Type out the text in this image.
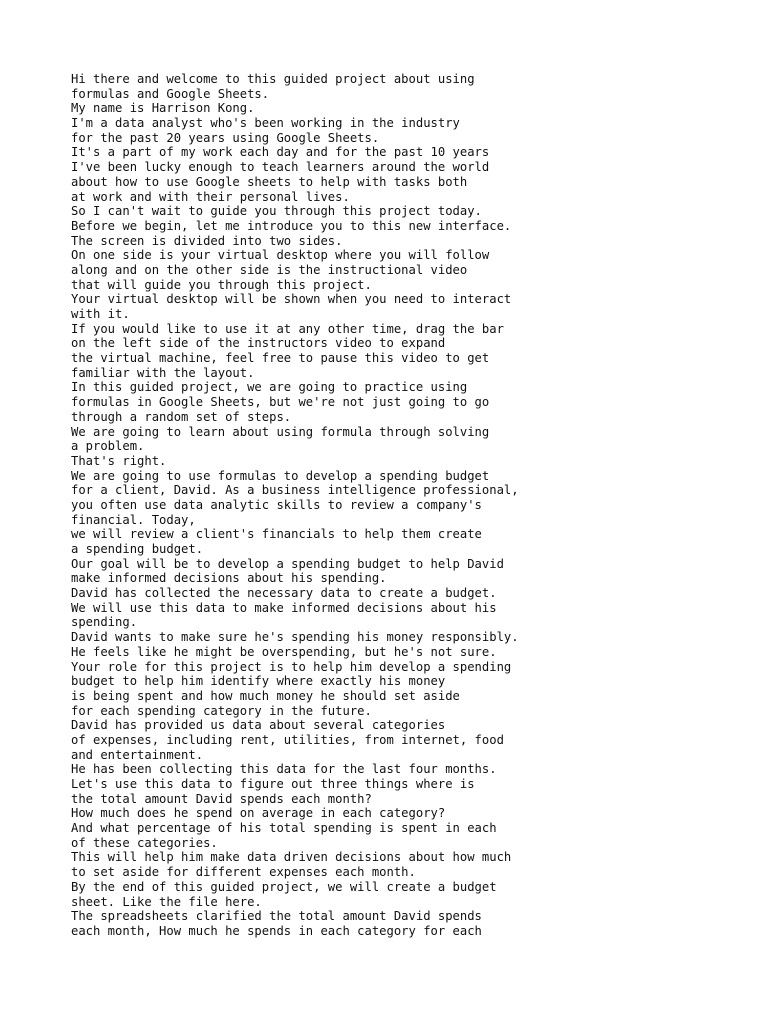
Hi there and welcome to this guided project about using
formulas and Google Sheets.
My name is Harrison Kong.
I'm a data analyst who's been working in the industry
for the past 20 years using Google Sheets.
It's a part of my work each day and for the past 10 years
I've been lucky enough to teach learners around the world
about how to use Google sheets to help with tasks both
at work and with their personal lives.
So I can't wait to guide you through this project today.
Before we begin, let me introduce you to this new interface.
The screen is divided into two sides.
On one side is your virtual desktop where you will follow
along and on the other side is the instructional video
that will guide you through this project.
Your virtual desktop will be shown when you need to interact
with it.
If you would like to use it at any other time, drag the bar
on the left side of the instructors video to expand
the virtual machine, feel free to pause this video to get
familiar with the layout.
In this guided project, we are going to practice using
formulas in Google Sheets, but we're not just going to go
through a random set of steps.
We are going to learn about using formula through solving
a problem.
That's right.
We are going to use formulas to develop a spending budget
for a client, David. As a business intelligence professional,
you often use data analytic skills to review a company's
financial. Today,
we will review a client's financials to help them create
a spending budget.
Our goal will be to develop a spending budget to help David
make informed decisions about his spending.
David has collected the necessary data to create a budget.
We will use this data to make informed decisions about his
spending.
David wants to make sure he's spending his money responsibly.
He feels like he might be overspending, but he's not sure.
Your role for this project is to help him develop a spending
budget to help him identify where exactly his money
is being spent and how much money he should set aside
for each spending category in the future.
David has provided us data about several categories
of expenses, including rent, utilities, from internet, food
and entertainment.
He has been collecting this data for the last four months.
Let's use this data to figure out three things where is
the total amount David spends each month?
How much does he spend on average in each category?
And what percentage of his total spending is spent in each
of these categories.
This will help him make data driven decisions about how much
to set aside for different expenses each month.
By the end of this guided project, we will create a budget
sheet. Like the file here.
The spreadsheets clarified the total amount David spends
each month, How much he spends in each category for each
